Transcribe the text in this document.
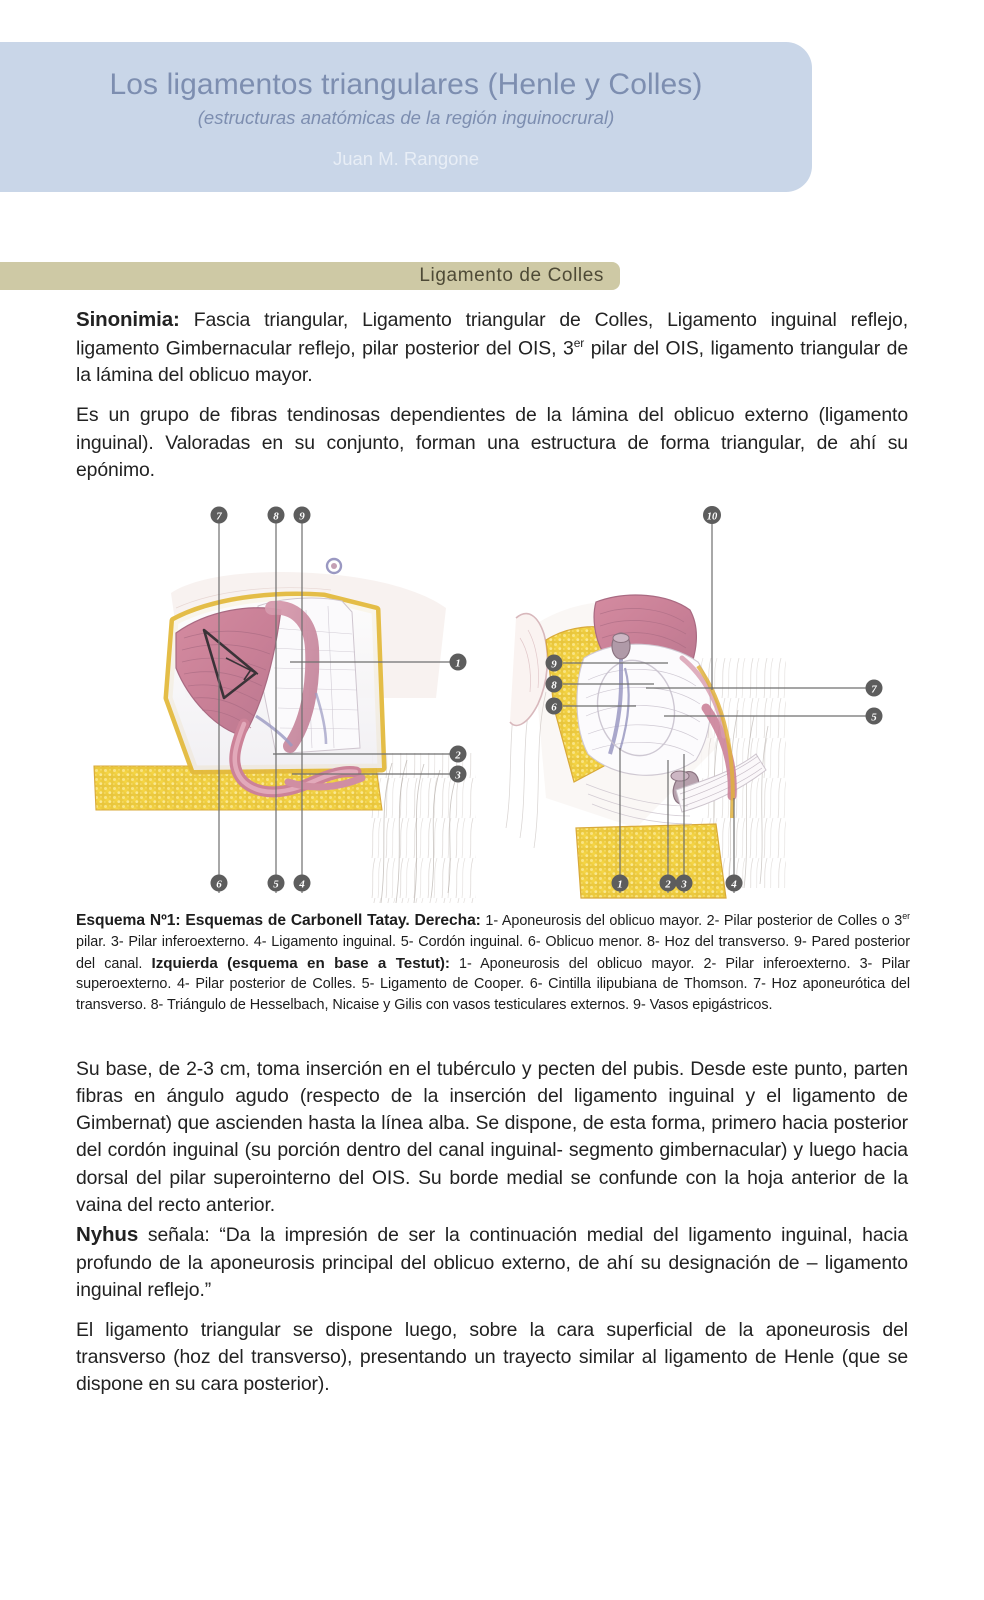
Los ligamentos triangulares (Henle y Colles)
(estructuras anatómicas de la región inguinocrural)
Juan M. Rangone
Ligamento de Colles

Sinonimia: Fascia triangular, Ligamento triangular de Colles, Ligamento inguinal reflejo, ligamento Gimbernacular reflejo, pilar posterior del OIS, 3er pilar del OIS, ligamento triangular de la lámina del oblicuo mayor.

Es un grupo de fibras tendinosas dependientes de la lámina del oblicuo externo (ligamento inguinal). Valoradas en su conjunto, forman una estructura de forma triangular, de ahí su epónimo.

7	8 9
1
2
3
6	5 4
10
9
8
6
7
5
1	2 3	4
Esquema Nº1: Esquemas de Carbonell Tatay. Derecha: 1- Aponeurosis del oblicuo mayor. 2- Pilar posterior de Colles o 3er pilar. 3- Pilar inferoexterno. 4- Ligamento inguinal. 5- Cordón inguinal. 6- Oblicuo menor. 8- Hoz del transverso. 9- Pared posterior del canal. Izquierda (esquema en base a Testut): 1- Aponeurosis del oblicuo mayor. 2- Pilar inferoexterno. 3- Pilar superoexterno. 4- Pilar posterior de Colles. 5- Ligamento de Cooper. 6- Cintilla ilipubiana de Thomson. 7- Hoz aponeurótica del transverso. 8- Triángulo de Hesselbach, Nicaise y Gilis con vasos testiculares externos. 9- Vasos epigástricos.

Su base, de 2-3 cm, toma inserción en el tubérculo y pecten del pubis. Desde este punto, parten fibras en ángulo agudo (respecto de la inserción del ligamento inguinal y el ligamento de Gimbernat) que ascienden hasta la línea alba. Se dispone, de esta forma, primero hacia posterior del cordón inguinal (su porción dentro del canal inguinal- segmento gimbernacular) y luego hacia dorsal del pilar superointerno del OIS. Su borde medial se confunde con la hoja anterior de la vaina del recto anterior.

Nyhus señala: “Da la impresión de ser la continuación medial del ligamento inguinal, hacia profundo de la aponeurosis principal del oblicuo externo, de ahí su designación de – ligamento inguinal reflejo.”

El ligamento triangular se dispone luego, sobre la cara superficial de la aponeurosis del transverso (hoz del transverso), presentando un trayecto similar al ligamento de Henle (que se dispone en su cara posterior).
